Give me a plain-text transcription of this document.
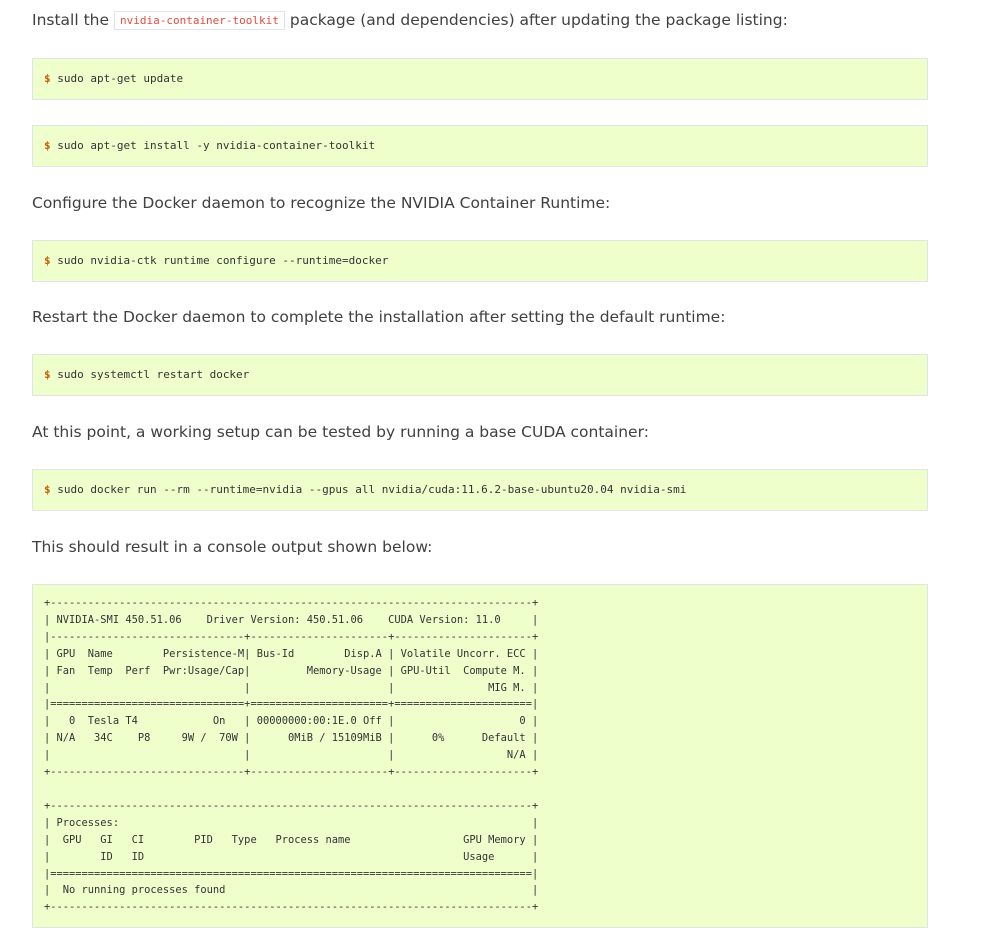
Install the nvidia-container-toolkit package (and dependencies) after updating the package listing:

$ sudo apt-get update
$ sudo apt-get install -y nvidia-container-toolkit

Configure the Docker daemon to recognize the NVIDIA Container Runtime:

$ sudo nvidia-ctk runtime configure --runtime=docker

Restart the Docker daemon to complete the installation after setting the default runtime:

$ sudo systemctl restart docker

At this point, a working setup can be tested by running a base CUDA container:

$ sudo docker run --rm --runtime=nvidia --gpus all nvidia/cuda:11.6.2-base-ubuntu20.04 nvidia-smi

This should result in a console output shown below:

+-----------------------------------------------------------------------------+
| NVIDIA-SMI 450.51.06    Driver Version: 450.51.06    CUDA Version: 11.0     |
|-------------------------------+----------------------+----------------------+
| GPU  Name        Persistence-M| Bus-Id        Disp.A | Volatile Uncorr. ECC |
| Fan  Temp  Perf  Pwr:Usage/Cap|         Memory-Usage | GPU-Util  Compute M. |
|                               |                      |               MIG M. |
|===============================+======================+======================|
|   0  Tesla T4            On   | 00000000:00:1E.0 Off |                    0 |
| N/A   34C    P8     9W /  70W |      0MiB / 15109MiB |      0%      Default |
|                               |                      |                  N/A |
+-------------------------------+----------------------+----------------------+

+-----------------------------------------------------------------------------+
| Processes:                                                                  |
|  GPU   GI   CI        PID   Type   Process name                  GPU Memory |
|        ID   ID                                                   Usage      |
|=============================================================================|
|  No running processes found                                                 |
+-----------------------------------------------------------------------------+
